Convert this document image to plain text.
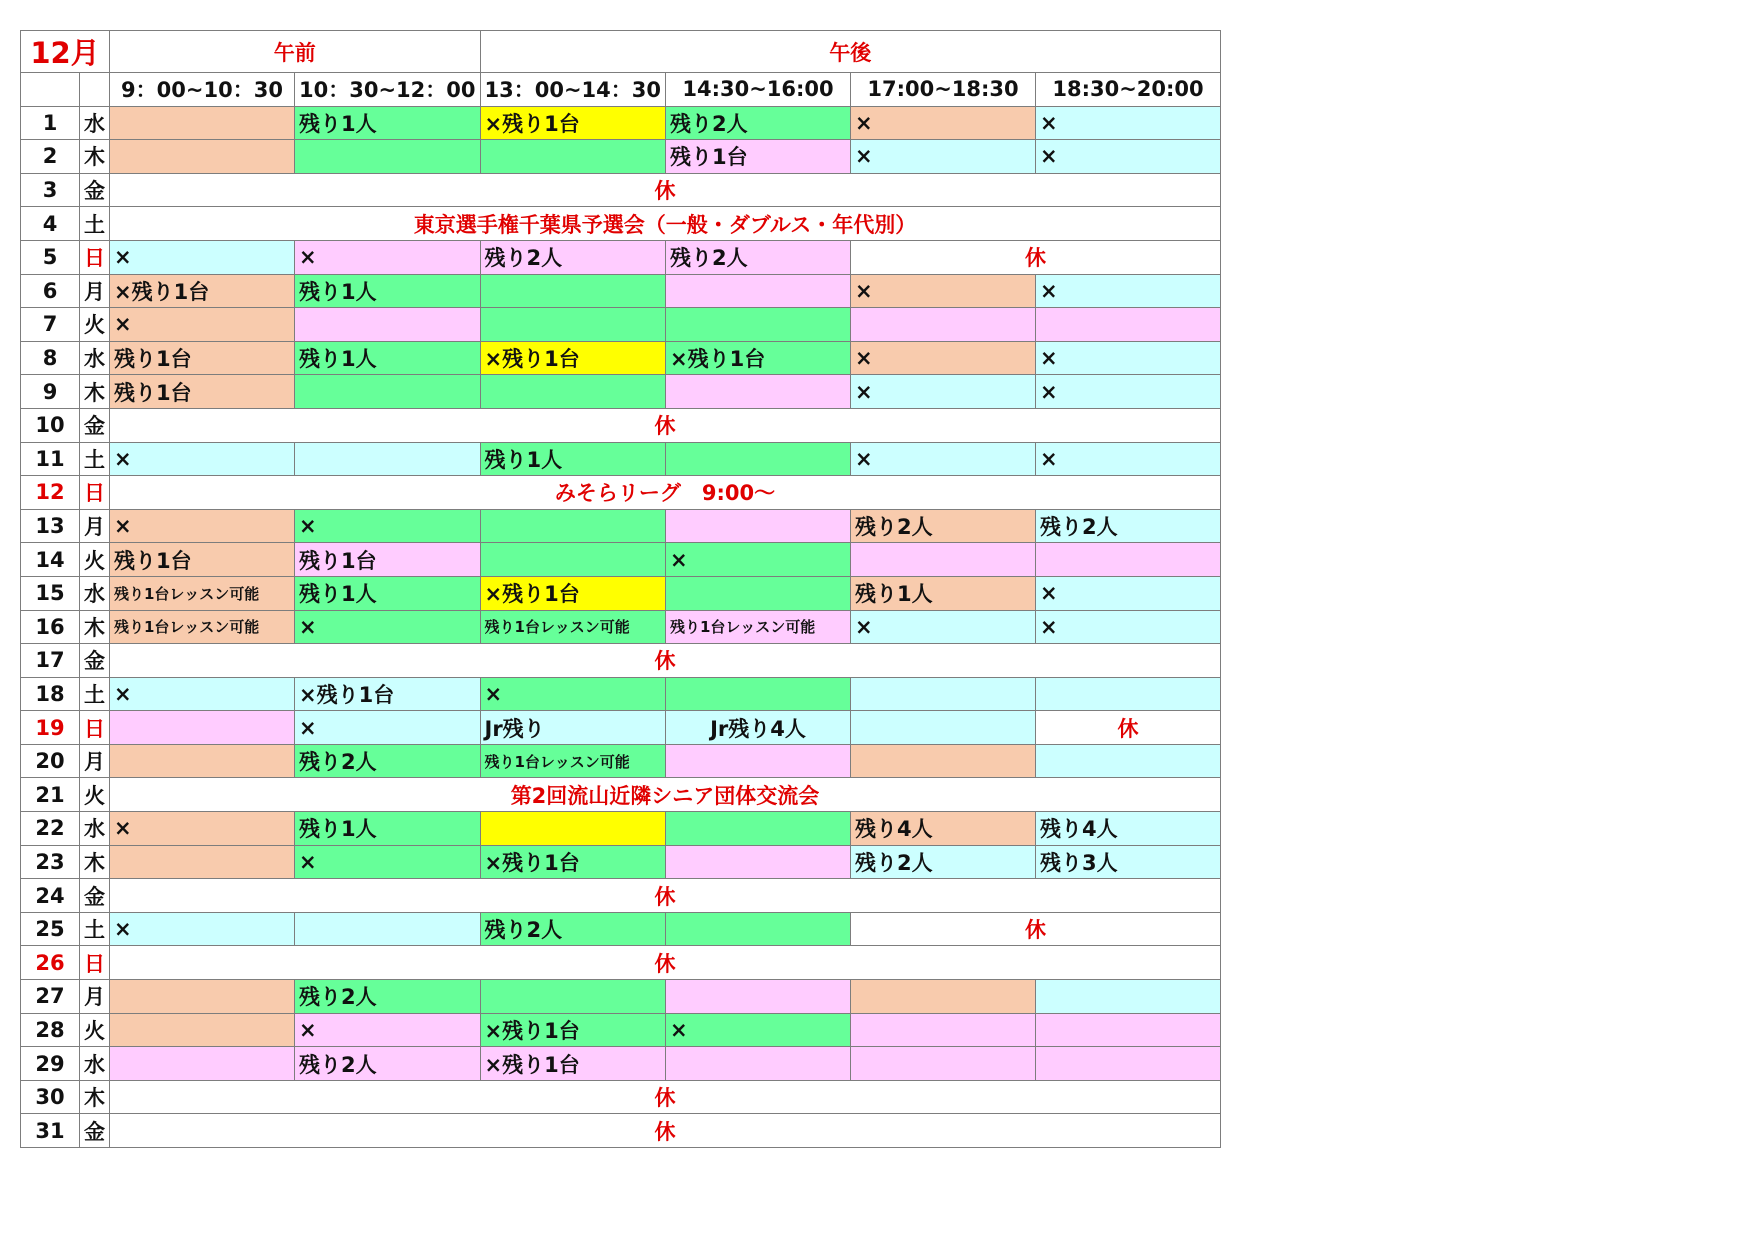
12月		午前		午後			
		9：00~10：30	10：30~12：00	13：00~14：30	14:30~16:00	17:00~18:30	18:30~20:00
1	水		残り1人	×残り1台	残り2人	×	×
2	木				残り1台	×	×
3	金	休					
4	土	東京選手権千葉県予選会（一般・ダブルス・年代別）					
5	日	×	×	残り2人	残り2人	休	
6	月	×残り1台	残り1人			×	×
7	火	×					
8	水	残り1台	残り1人	×残り1台	×残り1台	×	×
9	木	残り1台				×	×
10	金	休					
11	土	×		残り1人		×	×
12	日	みそらリーグ　9:00～					
13	月	×	×			残り2人	残り2人
14	火	残り1台	残り1台		×		
15	水	残り1台レッスン可能	残り1人	×残り1台		残り1人	×
16	木	残り1台レッスン可能	×	残り1台レッスン可能	残り1台レッスン可能	×	×
17	金	休					
18	土	×	×残り1台	×			
19	日		×	Jr残り	Jr残り4人		休
20	月		残り2人	残り1台レッスン可能			
21	火	第2回流山近隣シニア団体交流会					
22	水	×	残り1人			残り4人	残り4人
23	木		×	×残り1台		残り2人	残り3人
24	金	休					
25	土	×		残り2人		休	
26	日	休					
27	月		残り2人				
28	火		×	×残り1台	×		
29	水		残り2人	×残り1台			
30	木	休					
31	金	休					
